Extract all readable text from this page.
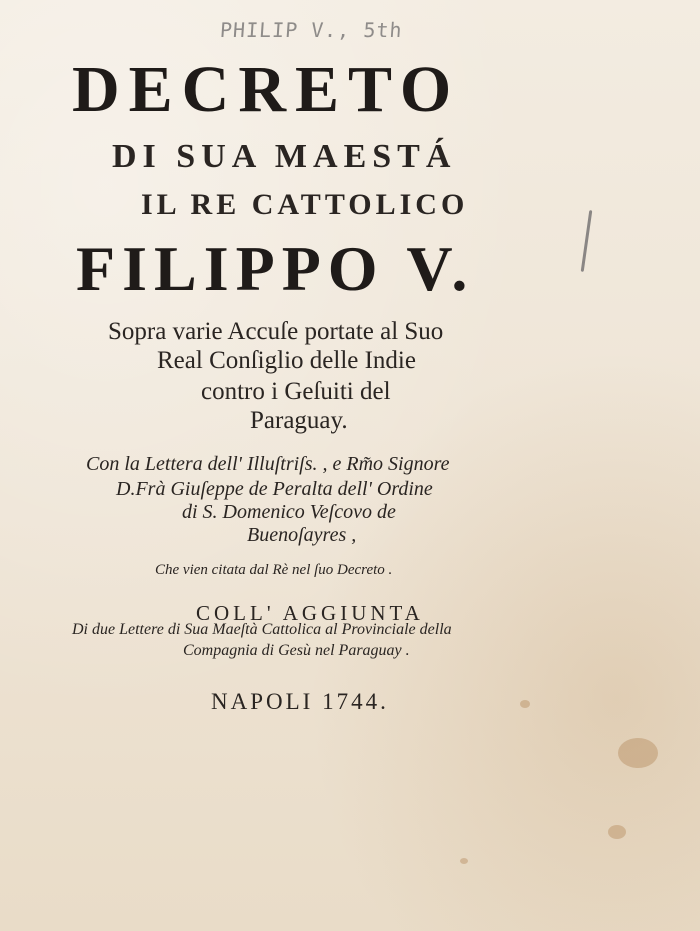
PHILIP V., 5th
DECRETO
DI SUA MAESTÁ
IL RE CATTOLICO
FILIPPO V.
Sopra varie Accuſe portate al Suo
Real Conſiglio delle Indie
contro i Geſuiti del
Paraguay.
Con la Lettera dell' Illuſtriſs. , e Rm̃o Signore
D.Frà Giuſeppe de Peralta dell' Ordine
di S. Domenico Veſcovo de
Buenoſayres ,
Che vien citata dal Rè nel ſuo Decreto .
COLL' AGGIUNTA
Di due Lettere di Sua Maeſtà Cattolica al Provinciale della
Compagnia di Gesù nel Paraguay .
NAPOLI 1744.
